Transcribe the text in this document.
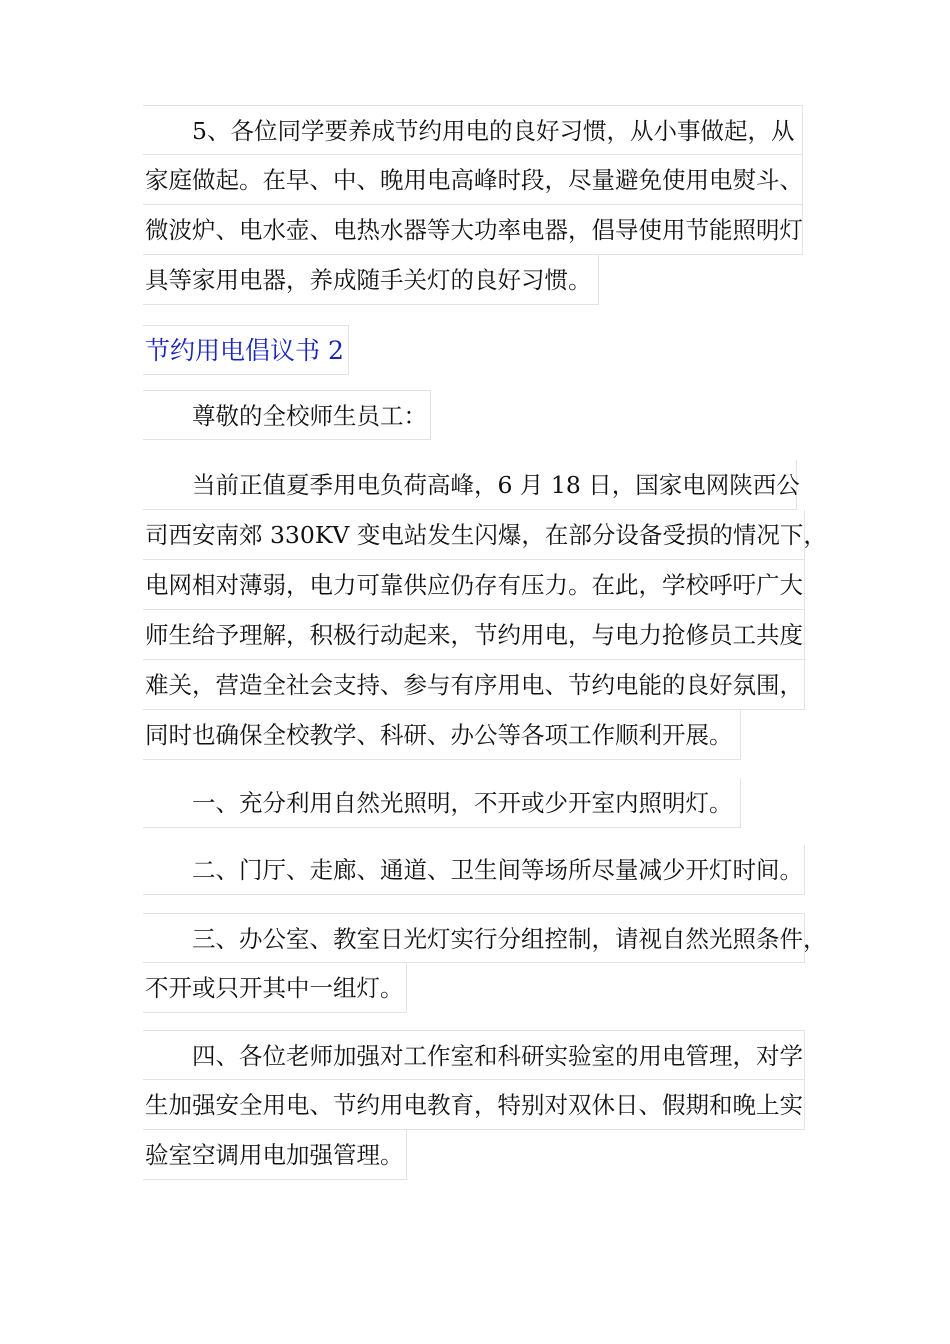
5、各位同学要养成节约用电的良好习惯，从小事做起，从
家庭做起。在早、中、晚用电高峰时段，尽量避免使用电熨斗、
微波炉、电水壶、电热水器等大功率电器，倡导使用节能照明灯
具等家用电器，养成随手关灯的良好习惯。
节约用电倡议书 2
尊敬的全校师生员工：
当前正值夏季用电负荷高峰，6 月 18 日，国家电网陕西公
司西安南郊 330KV 变电站发生闪爆，在部分设备受损的情况下，
电网相对薄弱，电力可靠供应仍存有压力。在此，学校呼吁广大
师生给予理解，积极行动起来，节约用电，与电力抢修员工共度
难关，营造全社会支持、参与有序用电、节约电能的良好氛围，
同时也确保全校教学、科研、办公等各项工作顺利开展。
一、充分利用自然光照明，不开或少开室内照明灯。
二、门厅、走廊、通道、卫生间等场所尽量减少开灯时间。
三、办公室、教室日光灯实行分组控制，请视自然光照条件，
不开或只开其中一组灯。
四、各位老师加强对工作室和科研实验室的用电管理，对学
生加强安全用电、节约用电教育，特别对双休日、假期和晚上实
验室空调用电加强管理。
